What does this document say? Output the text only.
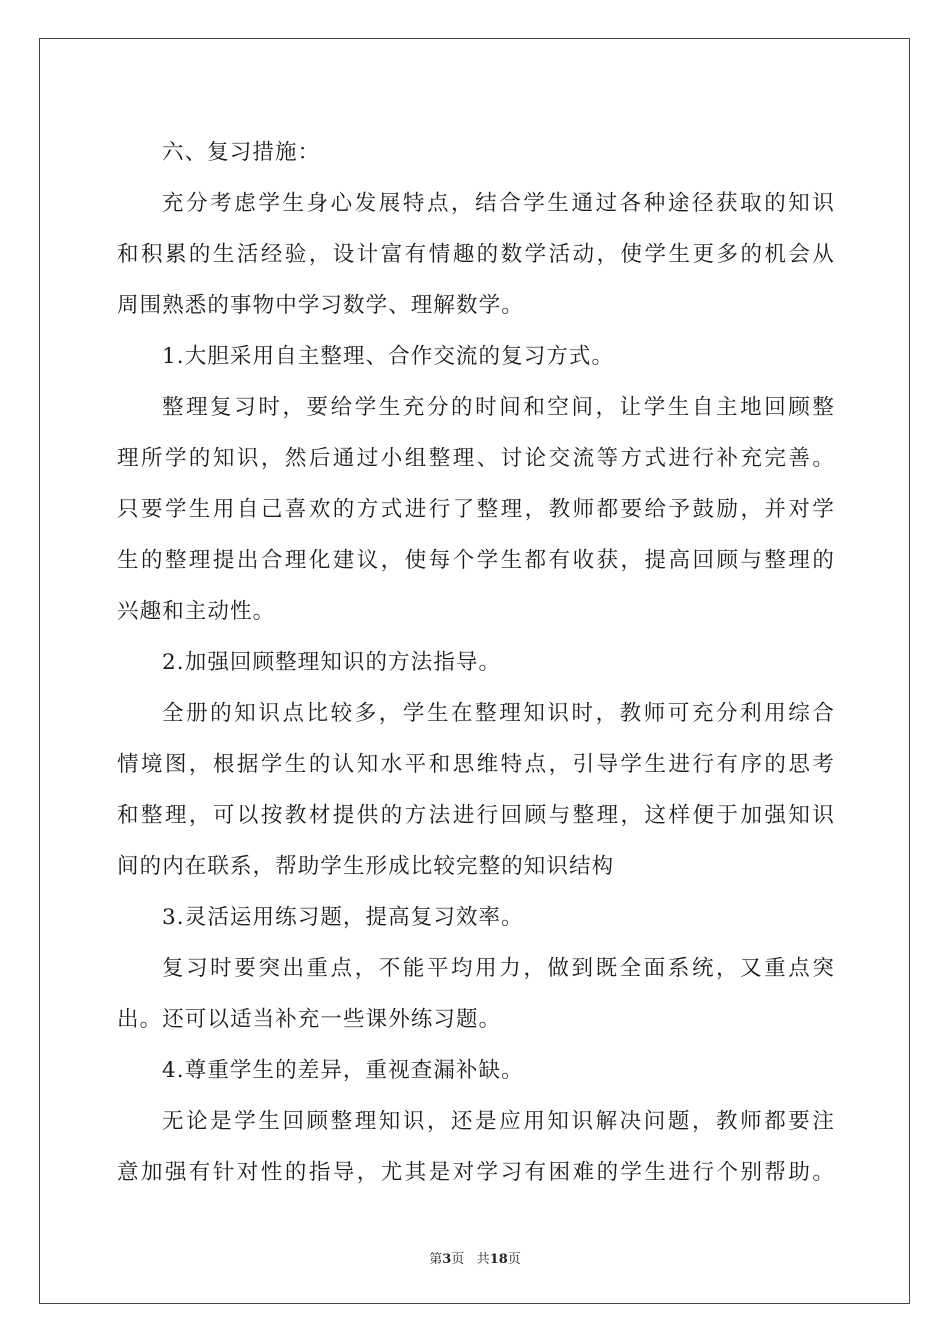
六、复习措施：
充分考虑学生身心发展特点，结合学生通过各种途径获取的知识
和积累的生活经验，设计富有情趣的数学活动，使学生更多的机会从
周围熟悉的事物中学习数学、理解数学。
1.大胆采用自主整理、合作交流的复习方式。
整理复习时，要给学生充分的时间和空间，让学生自主地回顾整
理所学的知识，然后通过小组整理、讨论交流等方式进行补充完善。
只要学生用自己喜欢的方式进行了整理，教师都要给予鼓励，并对学
生的整理提出合理化建议，使每个学生都有收获，提高回顾与整理的
兴趣和主动性。
2.加强回顾整理知识的方法指导。
全册的知识点比较多，学生在整理知识时，教师可充分利用综合
情境图，根据学生的认知水平和思维特点，引导学生进行有序的思考
和整理，可以按教材提供的方法进行回顾与整理，这样便于加强知识
间的内在联系，帮助学生形成比较完整的知识结构
3.灵活运用练习题，提高复习效率。
复习时要突出重点，不能平均用力，做到既全面系统，又重点突
出。还可以适当补充一些课外练习题。
4.尊重学生的差异，重视查漏补缺。
无论是学生回顾整理知识，还是应用知识解决问题，教师都要注
意加强有针对性的指导，尤其是对学习有困难的学生进行个别帮助。
第3页 共18页
